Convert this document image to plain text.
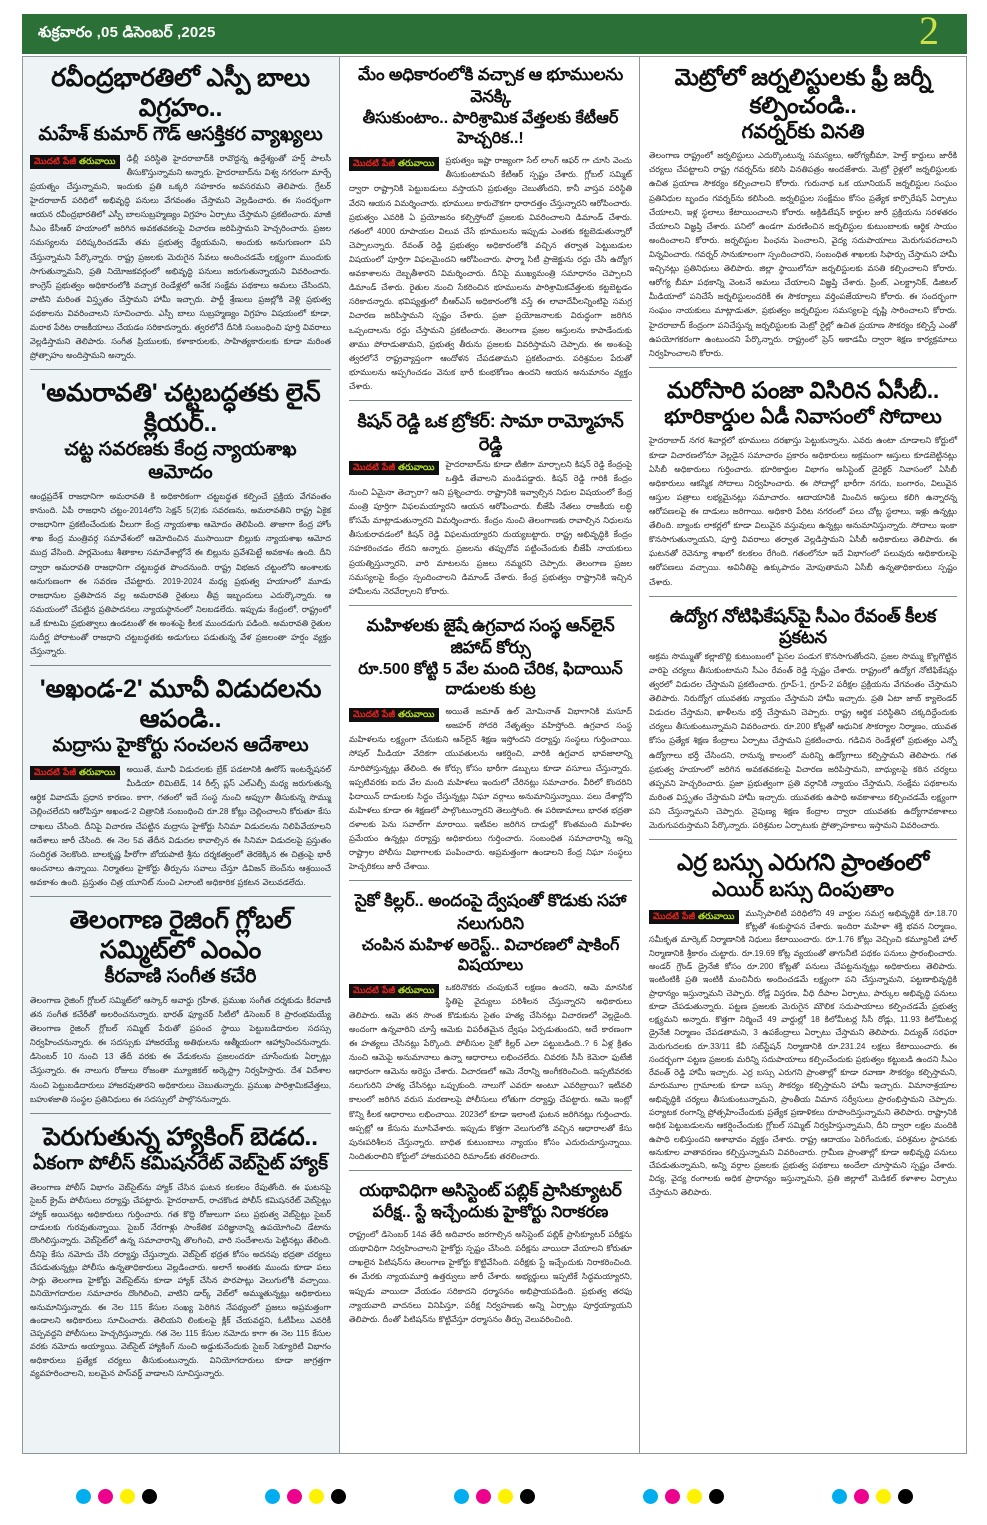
శుక్రవారం ,05 డిసెంబర్ ,2025	2
రవీంద్రభారతిలో ఎస్పీ బాలు విగ్రహం..
మహేశ్ కుమార్ గౌడ్ ఆసక్తికర వ్యాఖ్యలు
మొదటి పేజీ తరువాయి	ఢిల్లీ పరిస్థితి హైదరాబాద్‌కి రావొద్దన్న ఉద్దేశ్యంతో హర్ష్ పాలసీ తీసుకొస్తున్నామని అన్నారు. హైదరాబాద్‌ను విశ్వ నగరంగా మార్చే ప్రయత్నం చేస్తున్నామని, ఇందుకు ప్రతి ఒక్కరి సహకారం అవసరమని తెలిపారు. గ్రేటర్ హైదరాబాద్ పరిధిలో అభివృద్ధి పనులు వేగవంతం చేస్తామని వెల్లడించారు. ఈ సందర్భంగా ఆయన రవీంద్రభారతిలో ఎస్పీ బాలసుబ్రహ్మణ్యం విగ్రహం ఏర్పాటు చేస్తామని ప్రకటించారు. మాజీ సీఎం కేసీఆర్ హయాంలో జరిగిన అవకతవకలపై విచారణ జరిపిస్తామని హెచ్చరించారు. ప్రజల సమస్యలను పరిష్కరించడమే తమ ప్రభుత్వ ధ్యేయమని, అందుకు అనుగుణంగా పని చేస్తున్నామని పేర్కొన్నారు. రాష్ట్ర ప్రజలకు మెరుగైన సేవలు అందించడమే లక్ష్యంగా ముందుకు సాగుతున్నామని, ప్రతి నియోజకవర్గంలో అభివృద్ధి పనులు జరుగుతున్నాయని వివరించారు. కాంగ్రెస్ ప్రభుత్వం అధికారంలోకి వచ్చాక రెండేళ్లలో అనేక సంక్షేమ పథకాలు అమలు చేసిందని, వాటిని మరింత విస్తృతం చేస్తామని హామీ ఇచ్చారు. పార్టీ శ్రేణులు ప్రజల్లోకి వెళ్లి ప్రభుత్వ పథకాలను వివరించాలని సూచించారు. ఎస్పీ బాలు సుబ్రహ్మణ్యం విగ్రహం విషయంలో కూడా, మరాఠ పేరిట రాజకీయాలు చేయడం సరికాదన్నారు. త్వరలోనే దీనికి సంబంధించి పూర్తి వివరాలు వెల్లడిస్తామని తెలిపారు. సంగీత ప్రియులకు, కళాకారులకు, సాహిత్యకారులకు కూడా మరింత ప్రోత్సాహం అందిస్తామని అన్నారు.
'అమరావతి' చట్టబద్ధతకు లైన్ క్లియర్..
చట్ట సవరణకు కేంద్ర న్యాయశాఖ ఆమోదం
ఆంధ్రప్రదేశ్ రాజధానిగా అమరావతి కి అధికారికంగా చట్టబద్ధత కల్పించే ప్రక్రియ వేగవంతం కానుంది. ఏపీ రాజధాని చట్టం-2014లోని సెక్షన్ 5(2)కు సవరణను, అమరావతిని రాష్ట్ర ఏకైక రాజధానిగా ప్రకటించేందుకు వీలుగా కేంద్ర న్యాయశాఖ ఆమోదం తెలిపింది. తాజాగా కేంద్ర హోం శాఖ కేంద్ర మంత్రివర్గ సమావేశంలో ఆమోదించిన ముసాయిదా బిల్లుకు న్యాయశాఖ ఆమోద ముద్ర వేసింది. పార్లమెంటు శీతాకాల సమావేశాల్లోనే ఈ బిల్లును ప్రవేశపెట్టే అవకాశం ఉంది. దీని ద్వారా అమరావతి రాజధానిగా చట్టబద్ధత పొందనుంది. రాష్ట్ర విభజన చట్టంలోని అంశాలకు అనుగుణంగా ఈ సవరణ చేపట్టారు. 2019-2024 మధ్య ప్రభుత్వ హయాంలో మూడు రాజధానుల ప్రతిపాదన వల్ల అమరావతి రైతులు తీవ్ర ఇబ్బందులు ఎదుర్కొన్నారు. ఆ సమయంలో చేపట్టిన ప్రతిపాదనలు న్యాయస్థానంలో నిలబడలేదు. ఇప్పుడు కేంద్రంలో, రాష్ట్రంలో ఒకే కూటమి ప్రభుత్వాలు ఉండటంతో ఈ అంశంపై కీలక ముందడుగు పడింది. అమరావతి రైతుల సుదీర్ఘ పోరాటంతో రాజధాని చట్టబద్ధతకు అడుగులు పడుతున్న వేళ ప్రజలంతా హర్షం వ్యక్తం చేస్తున్నారు.
'అఖండ-2' మూవీ విడుదలను ఆపండి..
మద్రాసు హైకోర్టు సంచలన ఆదేశాలు
మొదటి పేజీ తరువాయి	అయితే, మూవీ విడుదలకు బ్రేక్ పడటానికి ఊరోస్ ఇంటర్నేషనల్ మీడియా లిమిటెడ్, 14 రీల్స్ ప్లస్ ఎల్ఎల్పీ మధ్య జరుగుతున్న ఆర్థిక వివాదమే ప్రధాన కారణం. కాగా, గతంలో ఇదే సంస్థ నుంచి అప్పుగా తీసుకున్న సొమ్ము చెల్లించలేదని ఆరోపిస్తూ అఖండ-2 చిత్రానికి సంబంధించి రూ.28 కోట్లు చెల్లించాలని కోరుతూ కేసు దాఖలు చేసింది. దీనిపై విచారణ చేపట్టిన మద్రాసు హైకోర్టు సినిమా విడుదలను నిలిపివేయాలని ఆదేశాలు జారీ చేసింది. ఈ నెల 5వ తేదీన విడుదల కావాల్సిన ఈ సినిమా విడుదలపై ప్రస్తుతం సందిగ్ధత నెలకొంది. బాలకృష్ణ హీరోగా బోయపాటి శ్రీను దర్శకత్వంలో తెరకెక్కిన ఈ చిత్రంపై భారీ అంచనాలు ఉన్నాయి. నిర్మాతలు హైకోర్టు తీర్పును సవాలు చేస్తూ డివిజన్ బెంచ్‌ను ఆశ్రయించే అవకాశం ఉంది. ప్రస్తుతం చిత్ర యూనిట్ నుంచి ఎలాంటి అధికారిక ప్రకటన వెలువడలేదు.
తెలంగాణ రైజింగ్ గ్లోబల్ సమ్మిట్‌లో ఎంఎం
కీరవాణి సంగీత కచేరి
తెలంగాణ రైజింగ్ గ్లోబల్ సమ్మిట్‌లో ఆస్కార్ అవార్డు గ్రహీత, ప్రముఖ సంగీత దర్శకుడు కీరవాణి తన సంగీత కచేరీతో అలరించనున్నారు. భారత్ ఫ్యూచర్ సిటీలో డిసెంబర్ 8 ప్రారంభమయ్యే తెలంగాణ రైజింగ్ గ్లోబల్ సమ్మిట్ పేరుతో ప్రపంచ స్థాయి పెట్టుబడిదారుల సదస్సు నిర్వహించనున్నారు. ఈ సదస్సుకు హాజరయ్యే అతిథులను ఆత్మీయంగా ఆహ్వానించనున్నారు. డిసెంబర్ 10 నుంచి 13 తేదీ వరకు ఈ వేడుకలను ప్రజలందరూ చూసేందుకు ఏర్పాట్లు చేస్తున్నారు. ఈ నాలుగు రోజులు రోజంతా మ్యూజికల్ అర్కెస్ట్రా నిర్వహిస్తారు. దేశ విదేశాల నుంచి పెట్టుబడిదారులు హాజరవుతారని అధికారులు చెబుతున్నారు. ప్రముఖ పారిశ్రామికవేత్తలు, బహుళజాతి సంస్థల ప్రతినిధులు ఈ సదస్సులో పాల్గొననున్నారు.
పెరుగుతున్న హ్యాకింగ్ బెడద..
ఏకంగా పోలీస్ కమిషనరేట్ వెబ్‌సైట్ హ్యాక్
తెలంగాణ పోలీస్ విభాగం వెబ్‌సైట్‌ను హ్యాక్ చేసిన ఘటన కలకలం రేపుతోంది. ఈ ఘటనపై సైబర్ క్రైమ్ పోలీసులు దర్యాప్తు చేపట్టారు. హైదరాబాద్, రాచకొండ పోలీస్ కమిషనరేట్ వెబ్‌సైట్లు హ్యాక్ అయినట్లు అధికారులు గుర్తించారు. గత కొద్ది రోజులుగా పలు ప్రభుత్వ వెబ్‌సైట్లు సైబర్ దాడులకు గురవుతున్నాయి. సైబర్ నేరగాళ్లు సాంకేతిక పరిజ్ఞానాన్ని ఉపయోగించి డేటాను దొంగిలిస్తున్నారు. వెబ్‌సైట్‌లో ఉన్న సమాచారాన్ని తొలగించి, వారి సందేశాలను పెట్టినట్లు తేలింది. దీనిపై కేసు నమోదు చేసి దర్యాప్తు చేస్తున్నారు. వెబ్‌సైట్ భద్రత కోసం అదనపు భద్రతా చర్యలు చేపడుతున్నట్లు పోలీసు ఉన్నతాధికారులు వెల్లడించారు. అలాగే అంతకు ముందు కూడా పలు సార్లు తెలంగాణ హైకోర్టు వెబ్‌సైట్‌ను కూడా హ్యాక్ చేసిన పొరపాట్లు వెలుగులోకి వచ్చాయి. వినియోగదారుల సమాచారం దొంగిలించి, వాటిని డార్క్ వెబ్‌లో అమ్ముతున్నట్లు అధికారులు అనుమానిస్తున్నారు. ఈ నెల 115 కేసుల సంఖ్య పెరిగిన నేపథ్యంలో ప్రజలు అప్రమత్తంగా ఉండాలని అధికారులు సూచించారు. తెలియని లింకులపై క్లిక్ చేయవద్దని, ఓటీపీలు ఎవరికీ చెప్పవద్దని పోలీసులు హెచ్చరిస్తున్నారు. గత నెల 115 కేసుల నమోదు కాగా ఈ నెల 115 కేసుల వరకు నమోదు అయ్యాయి. వెబ్‌సైట్ హ్యాకింగ్ నుంచి అడ్డుకునేందుకు సైబర్ సెక్యూరిటీ విభాగం అధికారులు ప్రత్యేక చర్యలు తీసుకుంటున్నారు. వినియోగదారులు కూడా జాగ్రత్తగా వ్యవహరించాలని, బలమైన పాస్‌వర్డ్ వాడాలని సూచిస్తున్నారు.
మేం అధికారంలోకి వచ్చాక ఆ భూములను వెనక్కి
తీసుకుంటాం.. పారిశ్రామిక వేత్తలకు కేటీఆర్ హెచ్చరిక..!
మొదటి పేజీ తరువాయి	ప్రభుత్వం ఇష్టా రాజ్యంగా సేల్ లాంగ్ ఆఫర్ గా చూసి వెంచు తీసుకుంటామని కేటీఆర్ స్పష్టం చేశారు. గ్లోబల్ సమ్మిట్ ద్వారా రాష్ట్రానికి పెట్టుబడులు వస్తాయని ప్రభుత్వం చెబుతోందని, కానీ వాస్తవ పరిస్థితి వేరని ఆయన విమర్శించారు. భూములు కారుచౌకగా ధారాదత్తం చేస్తున్నారని ఆరోపించారు. ప్రభుత్వం ఎవరికి ఏ ప్రయోజనం కల్పిస్తోందో ప్రజలకు వివరించాలని డిమాండ్ చేశారు. గతంలో 4000 రూపాయల విలువ చేసే భూములను ఇప్పుడు ఎంతకు కట్టబెడుతున్నారో చెప్పాలన్నారు. రేవంత్ రెడ్డి ప్రభుత్వం అధికారంలోకి వచ్చిన తర్వాత పెట్టుబడుల విషయంలో పూర్తిగా విఫలమైందని ఆరోపించారు. ఫార్మా సిటీ ప్రాజెక్టును రద్దు చేసి ఉద్యోగ అవకాశాలను దెబ్బతీశారని విమర్శించారు. దీనిపై ముఖ్యమంత్రి సమాధానం చెప్పాలని డిమాండ్ చేశారు. రైతుల నుంచి సేకరించిన భూములను పారిశ్రామికవేత్తలకు కట్టబెట్టడం సరికాదన్నారు. భవిష్యత్తులో బీఆర్ఎస్ అధికారంలోకి వస్తే ఈ లావాదేవీలన్నింటిపై సమగ్ర విచారణ జరిపిస్తామని స్పష్టం చేశారు. ప్రజా ప్రయోజనాలకు విరుద్ధంగా జరిగిన ఒప్పందాలను రద్దు చేస్తామని ప్రకటించారు. తెలంగాణ ప్రజల ఆస్తులను కాపాడేందుకు తాము పోరాడుతామని, ప్రభుత్వ తీరును ప్రజలకు వివరిస్తామని చెప్పారు. ఈ అంశంపై త్వరలోనే రాష్ట్రవ్యాప్తంగా ఆందోళన చేపడతామని ప్రకటించారు. పరిశ్రమల పేరుతో భూములను అప్పగించడం వెనుక భారీ కుంభకోణం ఉందని ఆయన అనుమానం వ్యక్తం చేశారు.
కిషన్ రెడ్డి ఒక బ్రోకర్: సామా రామ్మోహన్ రెడ్డి
మొదటి పేజీ తరువాయి	హైదరాబాద్‌ను కూడా టీజీగా మార్చాలని కిషన్ రెడ్డి కేంద్రంపై ఒత్తిడి తేవాలని మండిపడ్డారు. కిషన్ రెడ్డి గారికి కేంద్రం నుంచి ఏమైనా తెచ్చారా? అని ప్రశ్నించారు. రాష్ట్రానికి ఇవ్వాల్సిన నిధుల విషయంలో కేంద్ర మంత్రి పూర్తిగా విఫలమయ్యారని ఆయన ఆరోపించారు. బీజేపీ నేతలు రాజకీయ లబ్ధి కోసమే మాట్లాడుతున్నారని విమర్శించారు. కేంద్రం నుంచి తెలంగాణకు రావాల్సిన నిధులను తీసుకురావడంలో కిషన్ రెడ్డి విఫలమయ్యారని దుయ్యబట్టారు. రాష్ట్ర అభివృద్ధికి కేంద్రం సహకరించడం లేదని అన్నారు. ప్రజలను తప్పుదోవ పట్టించేందుకు బీజేపీ నాయకులు ప్రయత్నిస్తున్నారని, వారి మాటలను ప్రజలు నమ్మరని చెప్పారు. తెలంగాణ ప్రజల సమస్యలపై కేంద్రం స్పందించాలని డిమాండ్ చేశారు. కేంద్ర ప్రభుత్వం రాష్ట్రానికి ఇచ్చిన హామీలను నెరవేర్చాలని కోరారు.
మహిళలకు జైషే ఉగ్రవాద సంస్థ ఆన్‌లైన్ జిహాద్ కోర్సు
రూ.500 కోట్టి 5 వేల మంది చేరిక, ఫిదాయిన్ దాడులకు కుట్ర
మొదటి పేజీ తరువాయి	అయితే జమాత్ ఉల్ మోమినాత్ విభాగానికి మసూద్ అజహర్ సోదరి నేతృత్వం వహిస్తోంది. ఉగ్రవాద సంస్థ మహిళలను లక్ష్యంగా చేసుకుని ఆన్‌లైన్ శిక్షణ ఇస్తోందని దర్యాప్తు సంస్థలు గుర్తించాయి. సోషల్ మీడియా వేదికగా యువతులను ఆకర్షించి, వారికి ఉగ్రవాద భావజాలాన్ని నూరిపోస్తున్నట్లు తేలింది. ఈ కోర్సు కోసం భారీగా డబ్బులు కూడా వసూలు చేస్తున్నారు. ఇప్పటివరకు ఐదు వేల మంది మహిళలు ఇందులో చేరినట్లు సమాచారం. వీరిలో కొందరిని ఫిదాయిన్ దాడులకు సిద్ధం చేస్తున్నట్లు నిఘా వర్గాలు అనుమానిస్తున్నాయి. పలు దేశాల్లోని మహిళలు కూడా ఈ శిక్షణలో పాల్గొంటున్నారని తెలుస్తోంది. ఈ పరిణామాలు భారత భద్రతా దళాలకు పెను సవాల్‌గా మారాయి. ఇటీవల జరిగిన దాడుల్లో కొంతమంది మహిళల ప్రమేయం ఉన్నట్లు దర్యాప్తు అధికారులు గుర్తించారు. సంబంధిత సమాచారాన్ని అన్ని రాష్ట్రాల పోలీసు విభాగాలకు పంపించారు. అప్రమత్తంగా ఉండాలని కేంద్ర నిఘా సంస్థలు హెచ్చరికలు జారీ చేశాయి.
సైకో కిల్లర్.. అందంపై ద్వేషంతో కొడుకు సహా నలుగురిని
చంపిన మహిళ అరెస్ట్.. విచారణలో షాకింగ్ విషయాలు
మొదటి పేజీ తరువాయి	ఒకరినొకరు చంపుకునే లక్షణం ఉందని, ఆమె మానసిక స్థితిపై వైద్యులు పరిశీలన చేస్తున్నారని అధికారులు తెలిపారు. ఆమె తన సొంత కొడుకును సైతం హత్య చేసినట్లు విచారణలో వెల్లడైంది. అందంగా ఉన్నవారిని చూస్తే ఆమెకు విపరీతమైన ద్వేషం ఏర్పడుతుందని, అదే కారణంగా ఈ హత్యలు చేసినట్లు పేర్కొంది. పోలీసుల సైకో కిల్లర్ ఎలా పట్టుబడింది..? 6 ఏళ్ల క్రితం నుంచి ఆమెపై అనుమానాలు ఉన్నా ఆధారాలు లభించలేదు. చివరకు సీసీ కెమెరా ఫుటేజీ ఆధారంగా ఆమెను అరెస్టు చేశారు. విచారణలో ఆమె నేరాన్ని అంగీకరించింది. ఇప్పటివరకు నలుగురిని హత్య చేసినట్లు ఒప్పుకుంది. నాలుగో ఎవరూ అంటూ ఎవరిబ్రాయి? ఇటీవలి కాలంలో జరిగిన వరుస మరణాలపై పోలీసులు లోతుగా దర్యాప్తు చేపట్టారు. ఆమె ఇంట్లో కొన్ని కీలక ఆధారాలు లభించాయి. 2023లో కూడా ఇలాంటి ఘటన జరిగినట్లు గుర్తించారు. అప్పట్లో ఆ కేసును మూసివేశారు. ఇప్పుడు కొత్తగా వెలుగులోకి వచ్చిన ఆధారాలతో కేసు పునఃపరిశీలన చేస్తున్నారు. బాధిత కుటుంబాలు న్యాయం కోసం ఎదురుచూస్తున్నాయి. నిందితురాలిని కోర్టులో హాజరుపరిచి రిమాండ్‌కు తరలించారు.
యథావిధిగా అసిస్టెంట్ పబ్లిక్ ప్రాసిక్యూటర్
పరీక్ష.. స్టే ఇచ్చేందుకు హైకోర్టు నిరాకరణ
రాష్ట్రంలో డిసెంబర్ 14వ తేదీ అదివారం జరగాల్సిన అసిస్టెంట్ పబ్లిక్ ప్రాసిక్యూటర్ పరీక్షను యథావిధిగా నిర్వహించాలని హైకోర్టు స్పష్టం చేసింది. పరీక్షను వాయిదా వేయాలని కోరుతూ దాఖలైన పిటిషన్‌ను తెలంగాణ హైకోర్టు కొట్టివేసింది. పరీక్షకు స్టే ఇచ్చేందుకు నిరాకరించింది. ఈ మేరకు న్యాయమూర్తి ఉత్తర్వులు జారీ చేశారు. అభ్యర్థులు ఇప్పటికే సిద్ధమయ్యారని, ఇప్పుడు వాయిదా వేయడం సరికాదని ధర్మాసనం అభిప్రాయపడింది. ప్రభుత్వ తరఫు న్యాయవాది వాదనలు వినిపిస్తూ, పరీక్ష నిర్వహణకు అన్ని ఏర్పాట్లు పూర్తయ్యాయని తెలిపారు. దీంతో పిటిషన్‌ను కొట్టివేస్తూ ధర్మాసనం తీర్పు వెలువరించింది.
మెట్రోలో జర్నలిస్టులకు ఫ్రీ జర్నీ కల్పించండి..
గవర్నర్‌కు వినతి
తెలంగాణ రాష్ట్రంలో జర్నలిస్టులు ఎదుర్కొంటున్న సమస్యలు, ఆరోగ్యబీమా, హెల్త్ కార్డులు జారీకి చర్యలు చేపట్టాలని రాష్ట్ర గవర్నర్‌ను కలిసి వినతిపత్రం అందజేశారు. మెట్రో రైళ్లలో జర్నలిస్టులకు ఉచిత ప్రయాణ సౌకర్యం కల్పించాలని కోరారు. గురునాథ ఒక యూనియన్ జర్నలిస్టుల సంఘం ప్రతినిధుల బృందం గవర్నర్‌ను కలిసింది. జర్నలిస్టుల సంక్షేమం కోసం ప్రత్యేక కార్పొరేషన్ ఏర్పాటు చేయాలని, ఇళ్ల స్థలాలు కేటాయించాలని కోరారు. అక్రిడిటేషన్ కార్డుల జారీ ప్రక్రియను సరళతరం చేయాలని విజ్ఞప్తి చేశారు. పనిలో ఉండగా మరణించిన జర్నలిస్టుల కుటుంబాలకు ఆర్థిక సాయం అందించాలని కోరారు. జర్నలిస్టుల పింఛను పెంచాలని, వైద్య సదుపాయాలు మెరుగుపరచాలని విన్నవించారు. గవర్నర్ సానుకూలంగా స్పందించారని, సంబంధిత శాఖలకు సిఫార్సు చేస్తామని హామీ ఇచ్చినట్లు ప్రతినిధులు తెలిపారు. జిల్లా స్థాయిలోనూ జర్నలిస్టులకు వసతి కల్పించాలని కోరారు. ఆరోగ్య బీమా పథకాన్ని వెంటనే అమలు చేయాలని విజ్ఞప్తి చేశారు. ప్రింట్, ఎలక్ట్రానిక్, డిజిటల్ మీడియాలో పనిచేసే జర్నలిస్టులందరికీ ఈ సౌకర్యాలు వర్తింపజేయాలని కోరారు. ఈ సందర్భంగా సంఘం నాయకులు మాట్లాడుతూ, ప్రభుత్వం జర్నలిస్టుల సమస్యలపై దృష్టి సారించాలని కోరారు. హైదరాబాద్ కేంద్రంగా పనిచేస్తున్న జర్నలిస్టులకు మెట్రో రైల్లో ఉచిత ప్రయాణ సౌకర్యం కల్పిస్తే ఎంతో ఉపయోగకరంగా ఉంటుందని పేర్కొన్నారు. రాష్ట్రంలో ప్రెస్ అకాడమీ ద్వారా శిక్షణ కార్యక్రమాలు నిర్వహించాలని కోరారు.
మరోసారి పంజా విసిరిన ఏసీబీ..
భూరికార్డుల ఏడీ నివాసంలో సోదాలు
హైదరాబాద్ నగర శివార్లలో భూములు దరఖాస్తు పెట్టుకున్నాను. ఎవరు ఉంటా చూడాలని కోర్టులో కూడా విచారణలోనూ వెల్లడైన సమాచారం ప్రకారం అధికారులు అక్రమంగా ఆస్తులు కూడబెట్టినట్లు ఏసీబీ అధికారులు గుర్తించారు. భూరికార్డుల విభాగం అసిస్టెంట్ డైరెక్టర్ నివాసంలో ఏసీబీ అధికారులు ఆకస్మిక సోదాలు నిర్వహించారు. ఈ సోదాల్లో భారీగా నగదు, బంగారం, విలువైన ఆస్తుల పత్రాలు లభ్యమైనట్లు సమాచారం. ఆదాయానికి మించిన ఆస్తులు కలిగి ఉన్నారన్న ఆరోపణలపై ఈ దాడులు జరిగాయి. అధికారి పేరిట నగరంలో పలు చోట్ల స్థలాలు, ఇళ్లు ఉన్నట్లు తేలింది. బ్యాంకు లాకర్లలో కూడా విలువైన వస్తువులు ఉన్నట్లు అనుమానిస్తున్నారు. సోదాలు ఇంకా కొనసాగుతున్నాయని, పూర్తి వివరాలు తర్వాత వెల్లడిస్తామని ఏసీబీ అధికారులు తెలిపారు. ఈ ఘటనతో రెవెన్యూ శాఖలో కలకలం రేగింది. గతంలోనూ ఇదే విభాగంలో పలువురు అధికారులపై ఆరోపణలు వచ్చాయి. అవినీతిపై ఉక్కుపాదం మోపుతామని ఏసీబీ ఉన్నతాధికారులు స్పష్టం చేశారు.
ఉద్యోగ నోటిఫికేషన్‌పై సీఎం రేవంత్ కీలక ప్రకటన
అక్రమ సొమ్ముతో కల్లాబొల్లి కుటుంబంలో పైసల పండుగ కొనసాగుతోందని, ప్రజల సొమ్ము కొల్లగొట్టిన వారిపై చర్యలు తీసుకుంటామని సీఎం రేవంత్ రెడ్డి స్పష్టం చేశారు. రాష్ట్రంలో ఉద్యోగ నోటిఫికేషన్లు త్వరలో విడుదల చేస్తామని ప్రకటించారు. గ్రూప్-1, గ్రూప్-2 పరీక్షల ప్రక్రియను వేగవంతం చేస్తామని తెలిపారు. నిరుద్యోగ యువతకు న్యాయం చేస్తామని హామీ ఇచ్చారు. ప్రతి ఏటా జాబ్ క్యాలెండర్ విడుదల చేస్తామని, ఖాళీలను భర్తీ చేస్తామని చెప్పారు. రాష్ట్ర ఆర్థిక పరిస్థితిని చక్కదిద్దేందుకు చర్యలు తీసుకుంటున్నామని వివరించారు. రూ.200 కోట్లతో ఆధునిక సౌకర్యాల నిర్మాణం, యువత కోసం ప్రత్యేక శిక్షణ కేంద్రాలు ఏర్పాటు చేస్తామని ప్రకటించారు. గడిచిన రెండేళ్లలో ప్రభుత్వం ఎన్నో ఉద్యోగాలు భర్తీ చేసిందని, రానున్న కాలంలో మరిన్ని ఉద్యోగాలు కల్పిస్తామని తెలిపారు. గత ప్రభుత్వ హయాంలో జరిగిన అవకతవకలపై విచారణ జరిపిస్తామని, బాధ్యులపై కఠిన చర్యలు తప్పవని హెచ్చరించారు. ప్రజా ప్రభుత్వంగా ప్రతి వర్గానికి న్యాయం చేస్తామని, సంక్షేమ పథకాలను మరింత విస్తృతం చేస్తామని హామీ ఇచ్చారు. యువతకు ఉపాధి అవకాశాలు కల్పించడమే లక్ష్యంగా పని చేస్తున్నామని చెప్పారు. నైపుణ్య శిక్షణ కేంద్రాల ద్వారా యువతకు ఉద్యోగావకాశాలు మెరుగుపరుస్తామని పేర్కొన్నారు. పరిశ్రమల ఏర్పాటుకు ప్రోత్సాహకాలు ఇస్తామని వివరించారు.
ఎర్ర బస్సు ఎరుగని ప్రాంతంలో
ఎయిర్ బస్సు దింపుతాం
మొదటి పేజీ తరువాయి	మున్సిపాలిటీ పరిధిలోని 49 వార్డుల సమగ్ర అభివృద్ధికి రూ.18.70 కోట్లతో శంకుస్థాపన చేశారు. ఇందిరా మహిళా శక్తి భవన నిర్మాణం, సమీకృత మార్కెట్ నిర్మాణానికి నిధులు కేటాయించారు. రూ.1.76 కోట్లు వెచ్చించి కమ్యూనిటీ హాల్ నిర్మాణానికి శ్రీకారం చుట్టారు. రూ.19.69 కోట్ల వ్యయంతో తాగునీటి పథకం పనులు ప్రారంభించారు. అండర్ గ్రౌండ్ డ్రైనేజీ కోసం రూ.200 కోట్లతో పనులు చేపట్టనున్నట్లు అధికారులు తెలిపారు. ఇంటింటికీ ప్రతి ఇంటికీ మంచినీరు అందించడమే లక్ష్యంగా పని చేస్తున్నామని, పట్టణాభివృద్ధికి ప్రాధాన్యం ఇస్తున్నామని చెప్పారు. రోడ్ల విస్తరణ, వీధి దీపాల ఏర్పాటు, పార్కుల అభివృద్ధి పనులు కూడా చేపడుతున్నారు. పట్టణ ప్రజలకు మెరుగైన మౌలిక సదుపాయాలు కల్పించడమే ప్రభుత్వ లక్ష్యమని అన్నారు. కొత్తగా నిర్మించే 49 వార్డుల్లో 18 కిలోమీటర్ల సీసీ రోడ్లు, 11.93 కిలోమీటర్ల డ్రైనేజీ నిర్మాణం చేపడతామని, 3 ఉపకేంద్రాలు ఏర్పాటు చేస్తామని తెలిపారు. విద్యుత్ సరఫరా మెరుగుదలకు రూ.33/11 కేవీ సబ్‌స్టేషన్ నిర్మాణానికి రూ.231.24 లక్షలు కేటాయించారు. ఈ సందర్భంగా పట్టణ ప్రజలకు మరిన్ని సదుపాయాలు కల్పించేందుకు ప్రభుత్వం కట్టుబడి ఉందని సీఎం రేవంత్ రెడ్డి హామీ ఇచ్చారు. ఎర్ర బస్సు ఎరుగని ప్రాంతాల్లో కూడా రవాణా సౌకర్యం కల్పిస్తామని, మారుమూల గ్రామాలకు కూడా బస్సు సౌకర్యం కల్పిస్తామని హామీ ఇచ్చారు. విమానాశ్రయాల అభివృద్ధికి చర్యలు తీసుకుంటున్నామని, ప్రాంతీయ విమాన సర్వీసులు ప్రారంభిస్తామని చెప్పారు. పర్యాటక రంగాన్ని ప్రోత్సహించేందుకు ప్రత్యేక ప్రణాళికలు రూపొందిస్తున్నామని తెలిపారు. రాష్ట్రానికి అధిక పెట్టుబడులను ఆకర్షించేందుకు గ్లోబల్ సమ్మిట్ నిర్వహిస్తున్నామని, దీని ద్వారా లక్షల మందికి ఉపాధి లభిస్తుందని ఆశాభావం వ్యక్తం చేశారు. రాష్ట్ర ఆదాయం పెరిగేందుకు, పరిశ్రమల స్థాపనకు అనుకూల వాతావరణం కల్పిస్తున్నామని వివరించారు. గ్రామీణ ప్రాంతాల్లో కూడా అభివృద్ధి పనులు చేపడుతున్నామని, అన్ని వర్గాల ప్రజలకు ప్రభుత్వ పథకాలు అందేలా చూస్తామని స్పష్టం చేశారు. విద్య, వైద్య రంగాలకు అధిక ప్రాధాన్యం ఇస్తున్నామని, ప్రతి జిల్లాలో మెడికల్ కళాశాల ఏర్పాటు చేస్తామని తెలిపారు.
